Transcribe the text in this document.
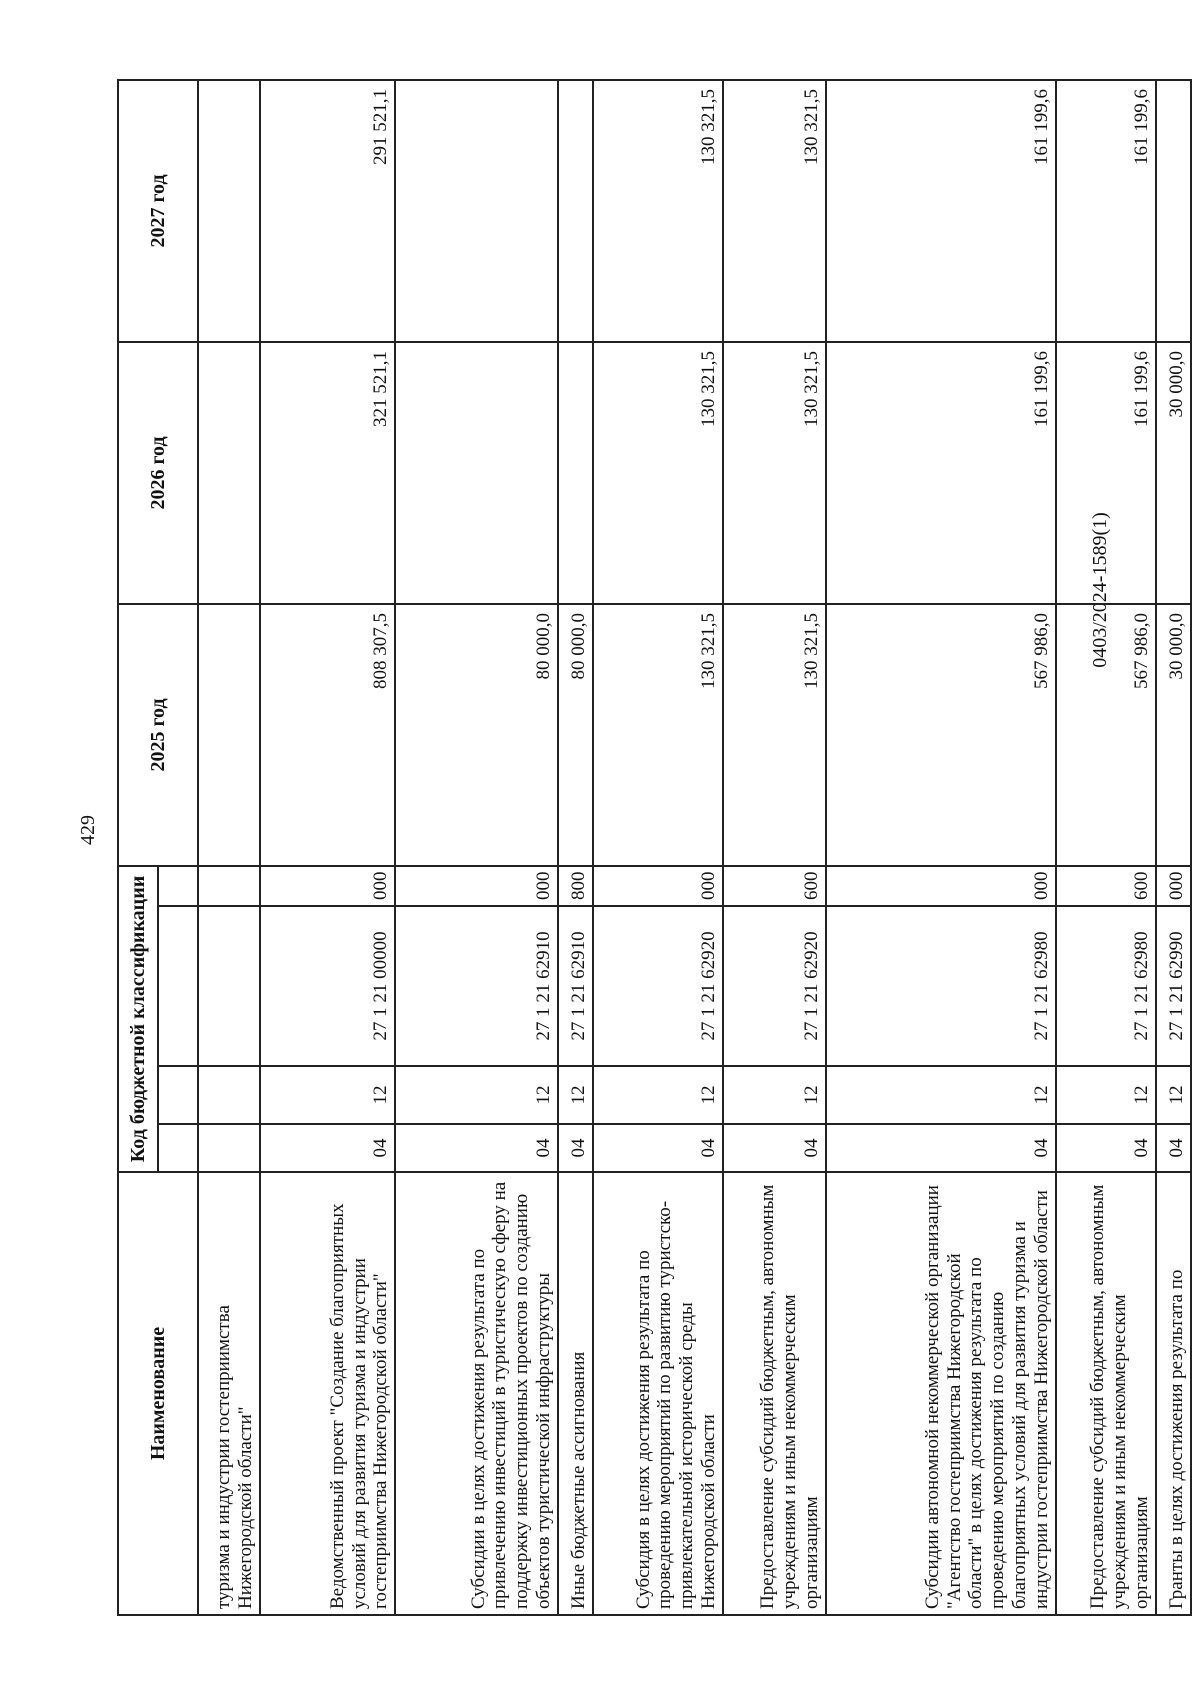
429
0403/2024-1589(1)
Наименование	Код бюджетной классификации				2025 год	2026 год	2027 год

туризма и индустрии гостеприимства Нижегородской области"							
Ведомственный проект "Создание благоприятных условий для развития туризма и индустрии гостеприимства Нижегородской области"	04	12	27 1 21 00000	000	808 307,5	321 521,1	291 521,1
Субсидии в целях достижения результата по привлечению инвестиций в туристическую сферу на поддержку инвестиционных проектов по созданию объектов туристической инфраструктуры	04	12	27 1 21 62910	000	80 000,0		
Иные бюджетные ассигнования	04	12	27 1 21 62910	800	80 000,0		
Субсидия в целях достижения результата по проведению мероприятий по развитию туристско-привлекательной исторической среды Нижегородской области	04	12	27 1 21 62920	000	130 321,5	130 321,5	130 321,5
Предоставление субсидий бюджетным, автономным учреждениям и иным некоммерческим организациям	04	12	27 1 21 62920	600	130 321,5	130 321,5	130 321,5
Субсидии автономной некоммерческой организации "Агентство гостеприимства Нижегородской области" в целях достижения результата по проведению мероприятий по созданию благоприятных условий для развития туризма и индустрии гостеприимства Нижегородской области	04	12	27 1 21 62980	000	567 986,0	161 199,6	161 199,6
Предоставление субсидий бюджетным, автономным учреждениям и иным некоммерческим организациям	04	12	27 1 21 62980	600	567 986,0	161 199,6	161 199,6
Гранты в целях достижения результата по	04	12	27 1 21 62990	000	30 000,0	30 000,0	
